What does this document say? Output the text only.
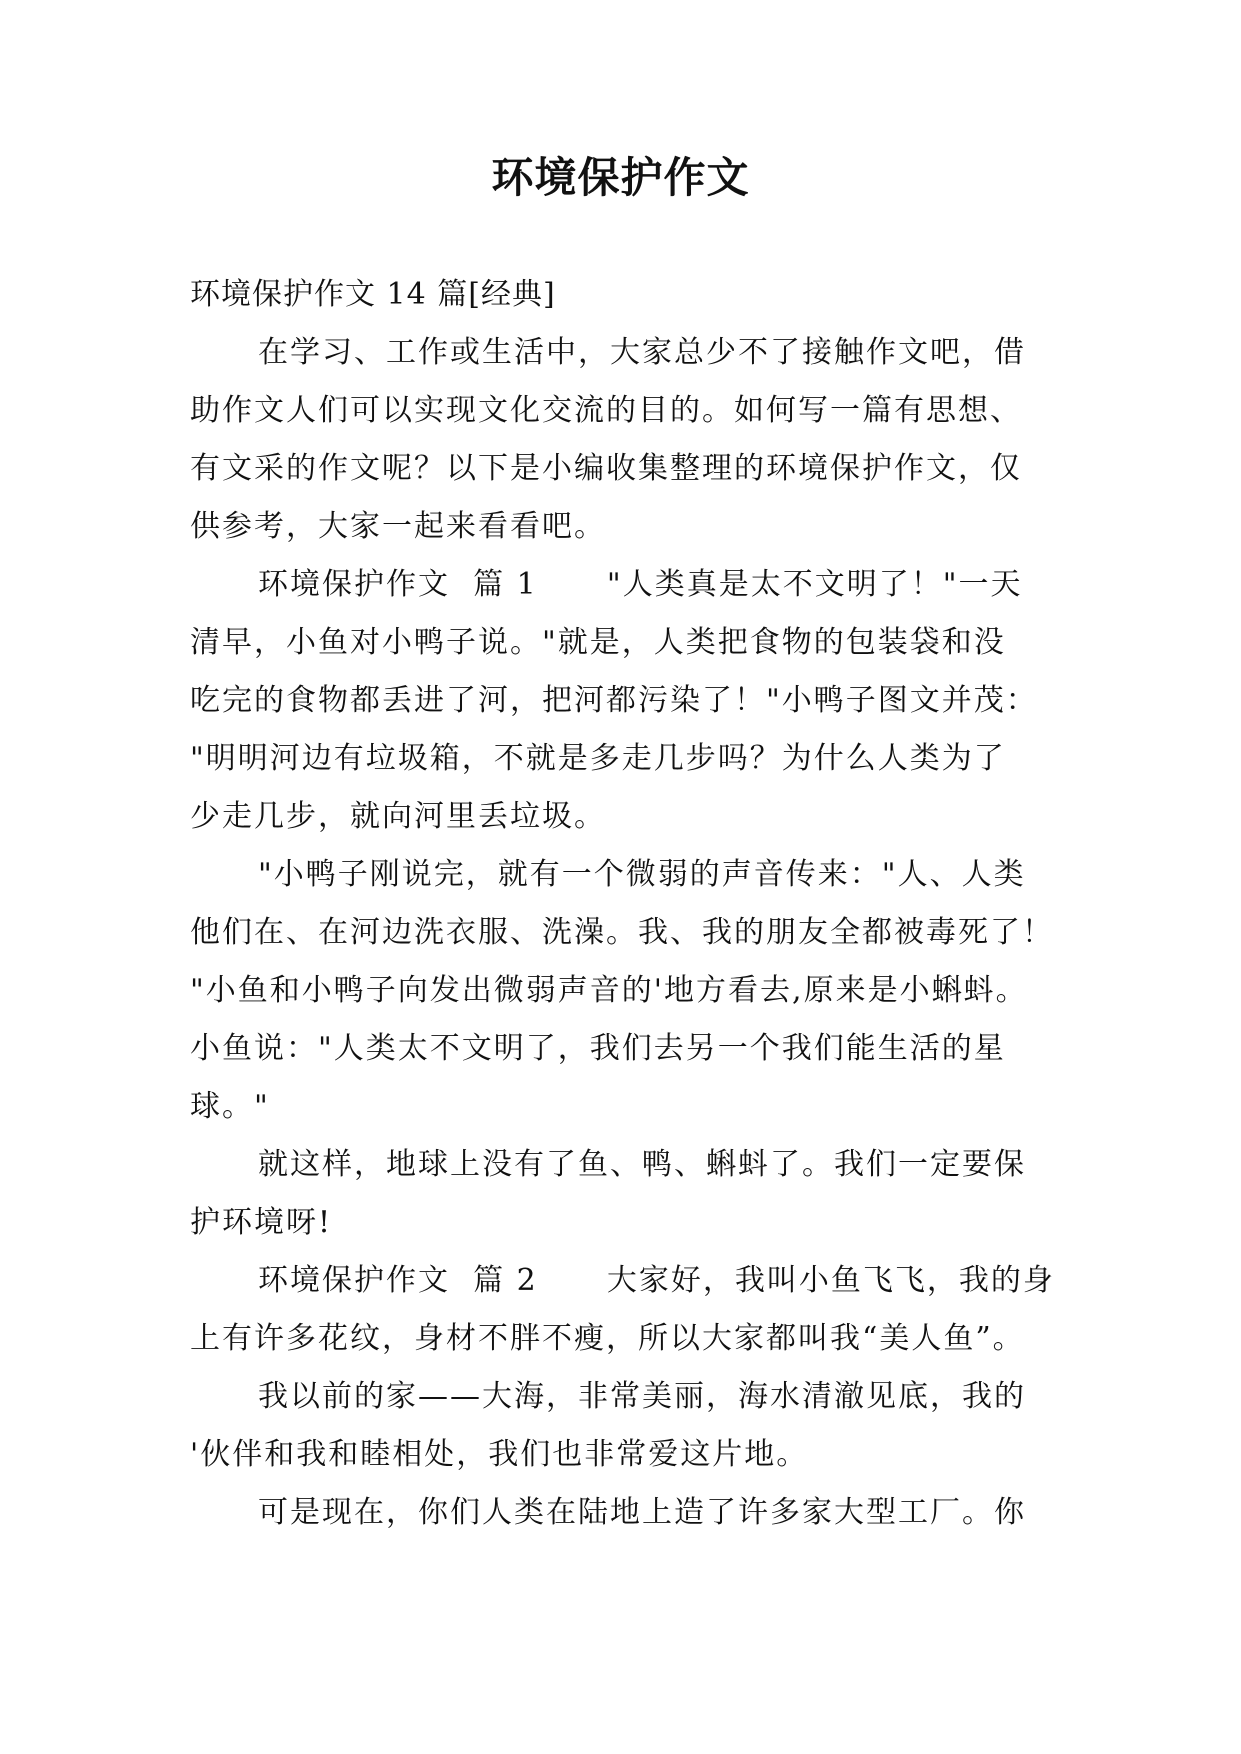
环境保护作文
环境保护作文 14 篇[经典]
在学习、工作或生活中，大家总少不了接触作文吧，借
助作文人们可以实现文化交流的目的。如何写一篇有思想、
有文采的作文呢？以下是小编收集整理的环境保护作文，仅
供参考，大家一起来看看吧。
环境保护作文  篇 1      "人类真是太不文明了！"一天
清早，小鱼对小鸭子说。"就是，人类把食物的包装袋和没
吃完的食物都丢进了河，把河都污染了！"小鸭子图文并茂：
"明明河边有垃圾箱，不就是多走几步吗？为什么人类为了
少走几步，就向河里丢垃圾。
"小鸭子刚说完，就有一个微弱的声音传来："人、人类
他们在、在河边洗衣服、洗澡。我、我的朋友全都被毒死了！
"小鱼和小鸭子向发出微弱声音的'地方看去,原来是小蝌蚪。
小鱼说："人类太不文明了，我们去另一个我们能生活的星
球。"
就这样，地球上没有了鱼、鸭、蝌蚪了。我们一定要保
护环境呀!
环境保护作文  篇 2      大家好，我叫小鱼飞飞，我的身
上有许多花纹，身材不胖不瘦，所以大家都叫我“美人鱼”。
我以前的家——大海，非常美丽，海水清澈见底，我的
'伙伴和我和睦相处，我们也非常爱这片地。
可是现在，你们人类在陆地上造了许多家大型工厂。你
